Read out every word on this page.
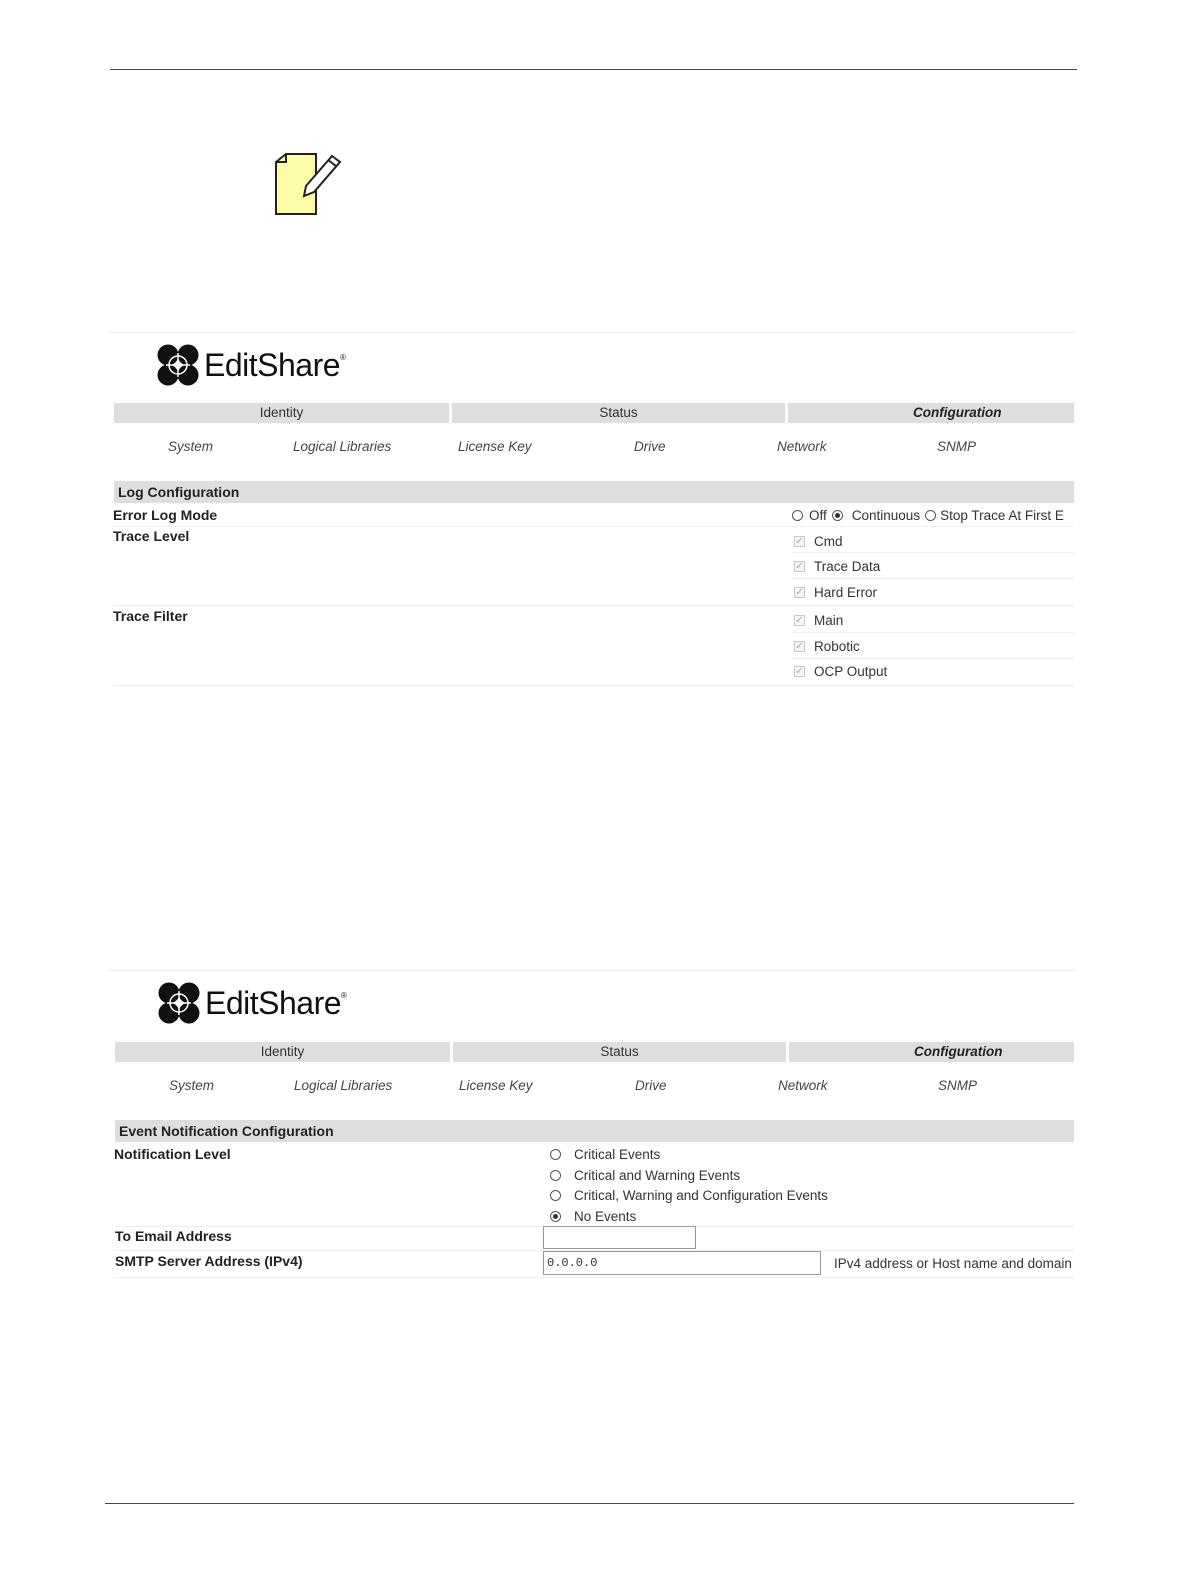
EditShare®
Identity	Status	Configuration
System	Logical Libraries	License Key	Drive	Network	SNMP
Log Configuration
Error Log Mode	Off Continuous Stop Trace At First E
Trace Level	✓ Cmd
✓ Trace Data
✓ Hard Error
Trace Filter	✓ Main
✓ Robotic
✓ OCP Output
EditShare®
Identity	Status	Configuration
System	Logical Libraries	License Key	Drive	Network	SNMP
Event Notification Configuration
Notification Level	Critical Events
Critical and Warning Events
Critical, Warning and Configuration Events
No Events
To Email Address
SMTP Server Address (IPv4)	0.0.0.0	IPv4 address or Host name and domain
